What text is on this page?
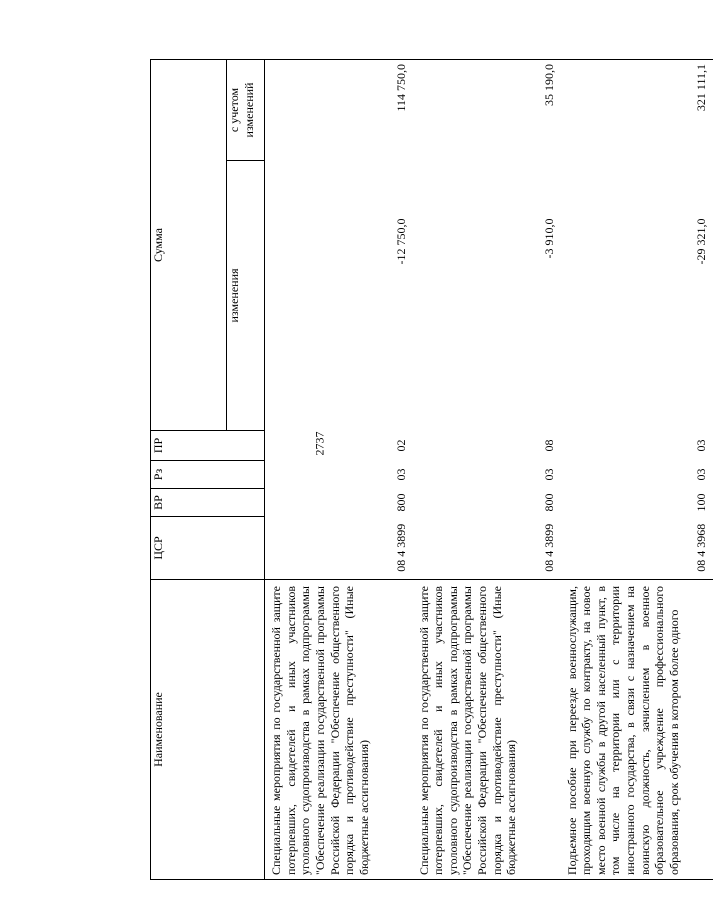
2737
Наименование	ЦСР	ВР	Рз	ПР	Сумма	
					изменения	с учетом изменений
Специальные мероприятия по государственной защите потерпевших, свидетелей и иных участников уголовного судопроизводства в рамках подпрограммы "Обеспечение реализации государственной программы Российской Федерации "Обеспечение общественного порядка и противодействие преступности" (Иные бюджетные ассигнования)	08 4 3899	800	03	02	-12 750,0	114 750,0
Специальные мероприятия по государственной защите потерпевших, свидетелей и иных участников уголовного судопроизводства в рамках подпрограммы "Обеспечение реализации государственной программы Российской Федерации "Обеспечение общественного порядка и противодействие преступности" (Иные бюджетные ассигнования)	08 4 3899	800	03	08	-3 910,0	35 190,0
Подъемное пособие при переезде военнослужащим, проходящим военную службу по контракту, на новое место военной службы в другой населенный пункт, в том числе на территории или с территории иностранного государства, в связи с назначением на воинскую должность, зачислением в военное образовательное учреждение профессионального образования, срок обучения в котором более одного	08 4 3968	100	03	03	-29 321,0	321 111,1
